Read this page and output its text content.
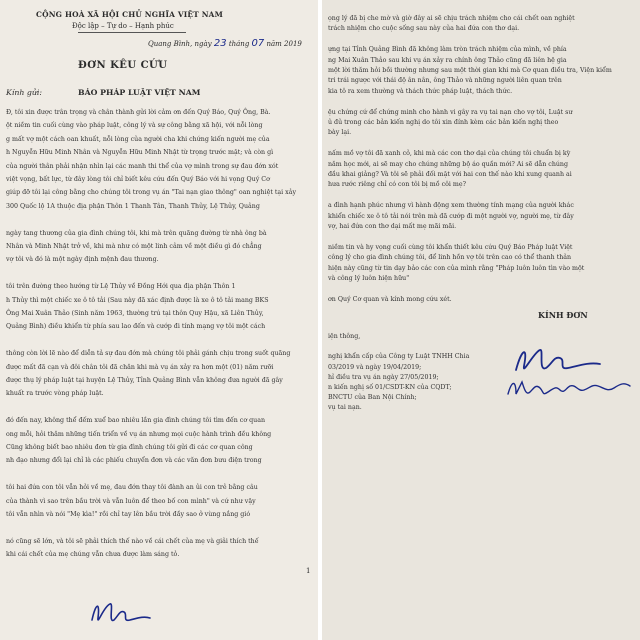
CỘNG HOÀ XÃ HỘI CHỦ NGHĨA VIỆT NAM
Độc lập – Tự do – Hạnh phúc
Quang Bình, ngày 23 tháng 07 năm 2019
ĐƠN KÊU CỨU
Kính gửi:	BÁO PHÁP LUẬT VIỆT NAM
Đ, tôi xin được trân trọng và chân thành gửi lời cảm ơn đến Quý Báo, Quý Ông, Bà.
ột niềm tin cuối cùng vào pháp luật, công lý và sự công bằng xã hội, với nỗi lòng
g mất vợ một cách oan khuất, nỗi lòng của người cha khi chứng kiến người mẹ của
h Nguyễn Hữu Minh Nhân và Nguyễn Hữu Minh Nhật từ trọng trước mặt; và còn gì
của người thân phải nhận nhìn lại các manh thi thể của vợ mình trong sự đau đớn xót
việt vọng, bất lực, từ đây lòng tôi chỉ biết kêu cứu đến Quý Báo với hi vọng Quý Cơ
giúp đỡ tôi lại công bằng cho chúng tôi trong vụ án "Tai nạn giao thông" oan nghiệt tại xảy
300 Quốc lộ 1A thuộc địa phận Thôn 1 Thanh Tân, Thanh Thủy, Lệ Thủy, Quảng
ngày tang thương của gia đình chúng tôi, khi mà trên quãng đường từ nhà ông bà
Nhân và Minh Nhật trở về, khi mà như có một linh cảm về một điều gì đó chẳng
vợ tôi và đó là một ngày định mệnh đau thương.
tôi trên đường theo hướng từ Lệ Thủy về Đồng Hới qua địa phận Thôn 1
h Thủy thì một chiếc xe ô tô tải (Sau này đã xác định được là xe ô tô tải mang BKS
Ông Mai Xuân Thảo (Sinh năm 1963, thường trú tại thôn Quy Hậu, xã Liên Thủy,
Quảng Bình) điều khiển từ phía sau lao đến và cướp đi tính mạng vợ tôi một cách
thông còn lời lẽ nào để diễn tả sự đau đớn mà chúng tôi phải gánh chịu trong suốt quãng
được mất đã cạn và đôi chân tôi đã chăn khi mà vụ án xảy ra hơn một (01) năm rưỡi
được thụ lý pháp luật tại huyện Lệ Thủy, Tỉnh Quảng Bình vẫn không đưa người đã gây
khuất ra trước vòng pháp luật.
đó đến nay, không thể đếm xuể bao nhiêu lần gia đình chúng tôi tìm đến cơ quan
ong mỗi, hỏi thăm những tiến triển về vụ án nhưng mọi cuộc hành trình đều không
Cũng không biết bao nhiêu đơn từ gia đình chúng tôi gửi đi các cơ quan công
nh đạo nhưng đổi lại chỉ là các phiếu chuyển đơn và các văn đơn bưu điện trong
tôi hai đứa con tôi vẫn hỏi về mẹ, đau đớn thay tôi đành an ủi con trẻ bằng câu
của thành vì sao trên bầu trời và vẫn luôn để theo bố con mình" và cứ như vậy
tôi vẫn nhìn và nói "Mẹ kìa!" rồi chỉ tay lên bầu trời đầy sao ở vùng nắng gió
nó cũng sẽ lớn, và tôi sẽ phải thích thế nào về cái chết của mẹ và giải thích thế
khi cái chết của mẹ chúng vẫn chưa được làm sáng tỏ.
1
ọng lý đã bị che mờ và giờ đây ai sẽ chịu trách nhiệm cho cái chết oan nghiệt
trách nhiệm cho cuộc sống sau này của hai đứa con thơ dại.
ựng tại Tỉnh Quảng Bình đã không làm tròn trách nhiệm của mình, về phía
ng Mai Xuân Thảo sau khi vụ án xảy ra chính ông Thảo cũng đã liên hệ gia
một lời thăm hỏi bồi thường nhưng sau một thời gian khi mà Cơ quan điều tra, Viện kiểm
tri trái ngược với thái độ ân nân, ông Thảo và những người liên quan trên
kia tô ra xem thường và thách thức pháp luật, thách thức.
ệu chứng cứ để chứng minh cho hành vi gây ra vụ tai nạn cho vợ tôi, Luật sư
ủ đủ trong các bản kiến nghị do tôi xin đính kèm các bản kiến nghị theo
bày lại.
nấm mồ vợ tôi đã xanh cỏ, khi mà các con thơ dại của chúng tôi chuẩn bị kỳ
năm học mới, ai sẽ may cho chúng những bộ áo quần mới? Ai sẽ dẫn chúng
đầu khai giảng? Và tôi sẽ phải đối mặt với hai con thế nào khi xung quanh ai
hưa rước riêng chỉ có con tôi bị mồ côi mẹ?
a đình hạnh phúc nhưng vì hành động xem thường tính mạng của người khác
khiển chiếc xe ô tô tải nói trên mà đã cướp đi một người vợ, người mẹ, từ đây
vợ, hai đứa con thơ dại mất mẹ mãi mãi.
niềm tin và hy vọng cuối cùng tôi khẩn thiết kêu cứu Quý Báo Pháp luật Việt
công lý cho gia đình chúng tôi, để linh hồn vợ tôi trên cao có thể thanh thản
hiện này cũng từ tin dạy bảo các con của mình rằng "Pháp luôn luôn tìn vào một
và công lý luôn hiện hữu"
ơn Quý Cơ quan và kính mong cứu xét.
KÍNH ĐƠN
iện thông,
nghị khẩn cấp của Công ty Luật TNHH Chia
03/2019 và ngày 19/04/2019;
hỉ điều tra vụ án ngày 27/05/2019;
n kiến nghị số 01/CSDT-KN của CQDT;
BNCTU của Ban Nội Chính;
vụ tai nạn.
